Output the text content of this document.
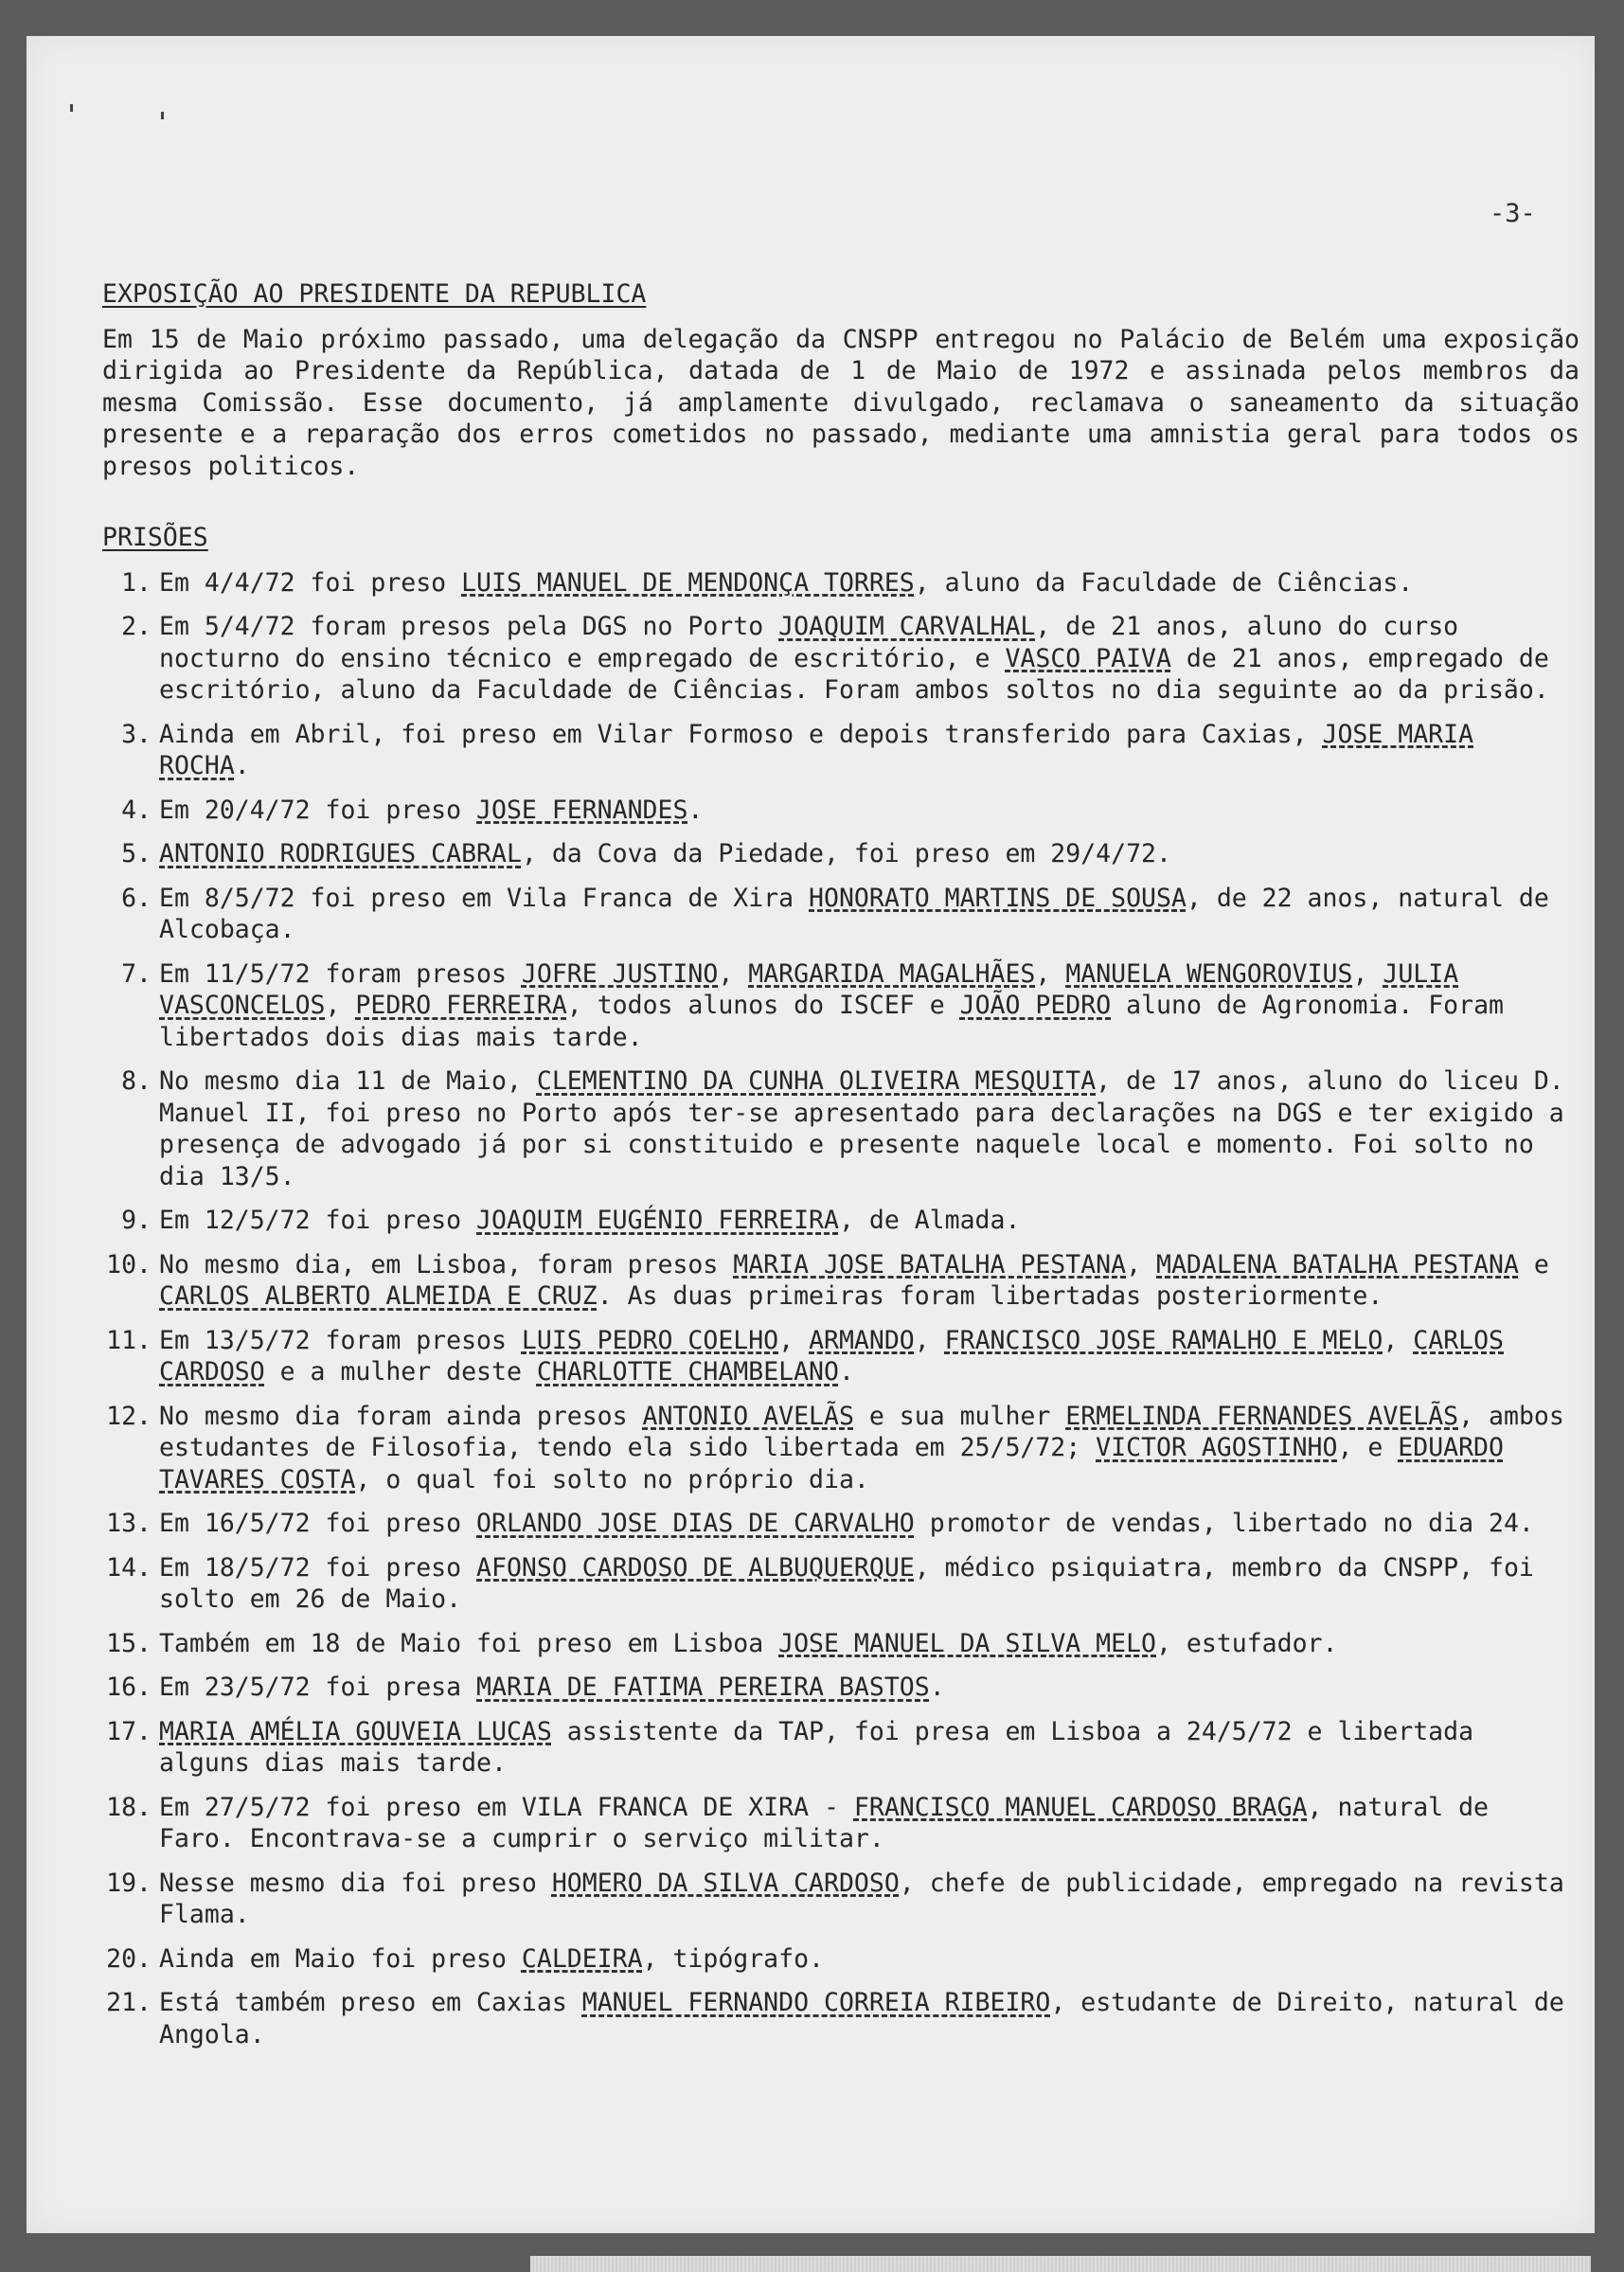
-3-

EXPOSIÇÃO AO PRESIDENTE DA REPUBLICA

Em 15 de Maio próximo passado, uma delegação da CNSPP entregou no Palácio de Belém uma exposição dirigida ao Presidente da República, datada de 1 de Maio de 1972 e assinada pelos membros da mesma Comissão. Esse documento, já amplamente divulgado, reclamava o saneamento da situação presente e a reparação dos erros cometidos no passado, mediante uma amnistia geral para todos os presos politicos.

PRISÕES

1. Em 4/4/72 foi preso LUIS MANUEL DE MENDONÇA TORRES, aluno da Faculdade de Ciências.
2. Em 5/4/72 foram presos pela DGS no Porto JOAQUIM CARVALHAL, de 21 anos, aluno do curso nocturno do ensino técnico e empregado de escritório, e VASCO PAIVA de 21 anos, empregado de escritório, aluno da Faculdade de Ciências. Foram ambos soltos no dia seguinte ao da prisão.
3. Ainda em Abril, foi preso em Vilar Formoso e depois transferido para Caxias, JOSE MARIA ROCHA.
4. Em 20/4/72 foi preso JOSE FERNANDES.
5. ANTONIO RODRIGUES CABRAL, da Cova da Piedade, foi preso em 29/4/72.
6. Em 8/5/72 foi preso em Vila Franca de Xira HONORATO MARTINS DE SOUSA, de 22 anos, natural de Alcobaça.
7. Em 11/5/72 foram presos JOFRE JUSTINO, MARGARIDA MAGALHÃES, MANUELA WENGOROVIUS, JULIA VASCONCELOS, PEDRO FERREIRA, todos alunos do ISCEF e JOÃO PEDRO aluno de Agronomia. Foram libertados dois dias mais tarde.
8. No mesmo dia 11 de Maio, CLEMENTINO DA CUNHA OLIVEIRA MESQUITA, de 17 anos, aluno do liceu D. Manuel II, foi preso no Porto após ter-se apresentado para declarações na DGS e ter exigido a presença de advogado já por si constituido e presente naquele local e momento. Foi solto no dia 13/5.
9. Em 12/5/72 foi preso JOAQUIM EUGÉNIO FERREIRA, de Almada.
10. No mesmo dia, em Lisboa, foram presos MARIA JOSE BATALHA PESTANA, MADALENA BATALHA PESTANA e CARLOS ALBERTO ALMEIDA E CRUZ. As duas primeiras foram libertadas posteriormente.
11. Em 13/5/72 foram presos LUIS PEDRO COELHO, ARMANDO, FRANCISCO JOSE RAMALHO E MELO, CARLOS CARDOSO e a mulher deste CHARLOTTE CHAMBELANO.
12. No mesmo dia foram ainda presos ANTONIO AVELÃS e sua mulher ERMELINDA FERNANDES AVELÃS, ambos estudantes de Filosofia, tendo ela sido libertada em 25/5/72; VICTOR AGOSTINHO, e EDUARDO TAVARES COSTA, o qual foi solto no próprio dia.
13. Em 16/5/72 foi preso ORLANDO JOSE DIAS DE CARVALHO promotor de vendas, libertado no dia 24.
14. Em 18/5/72 foi preso AFONSO CARDOSO DE ALBUQUERQUE, médico psiquiatra, membro da CNSPP, foi solto em 26 de Maio.
15. Também em 18 de Maio foi preso em Lisboa JOSE MANUEL DA SILVA MELO, estufador.
16. Em 23/5/72 foi presa MARIA DE FATIMA PEREIRA BASTOS.
17. MARIA AMÉLIA GOUVEIA LUCAS assistente da TAP, foi presa em Lisboa a 24/5/72 e libertada alguns dias mais tarde.
18. Em 27/5/72 foi preso em VILA FRANCA DE XIRA - FRANCISCO MANUEL CARDOSO BRAGA, natural de Faro. Encontrava-se a cumprir o serviço militar.
19. Nesse mesmo dia foi preso HOMERO DA SILVA CARDOSO, chefe de publicidade, empregado na revista Flama.
20. Ainda em Maio foi preso CALDEIRA, tipógrafo.
21. Está também preso em Caxias MANUEL FERNANDO CORREIA RIBEIRO, estudante de Direito, natural de Angola.
